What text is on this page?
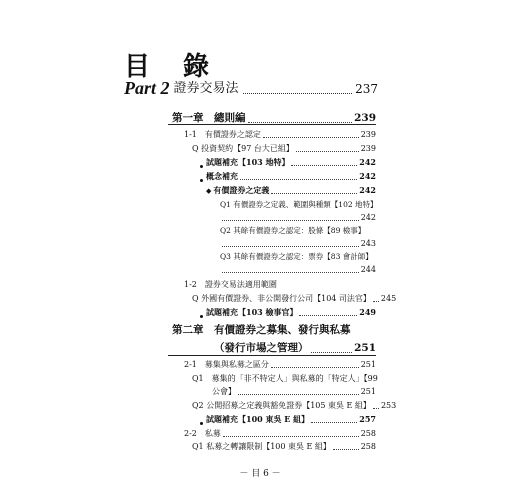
目 錄
Part 2 證券交易法	237
第一章　總則編	239
1-1　有價證券之認定	239
Q 投資契約【97 台大已組】	239
試題補充【103 地特】	242
概念補充	242
◆ 有價證券之定義	242
Q1 有價證券之定義、範圍與種類【102 地特】
242
Q2 其餘有價證券之認定：股條【89 檢事】
243
Q3 其餘有價證券之認定：票券【83 會計師】
244
1-2　證券交易法適用範圍
Q 外國有價證券、非公開發行公司【104 司法官】 245
試題補充【103 檢事官】	249
第二章　有價證券之募集、發行與私募
（發行市場之管理）	251
2-1　募集與私募之區分	251
Q1　募集的「非不特定人」與私募的「特定人」【99
公會】	251
Q2 公開招募之定義與豁免證券【105 東吳 E 組】 253
試題補充【100 東吳 E 組】	257
2-2　私募	258
Q1 私募之轉讓限制【100 東吳 E 組】	258
－ 目 6 －
